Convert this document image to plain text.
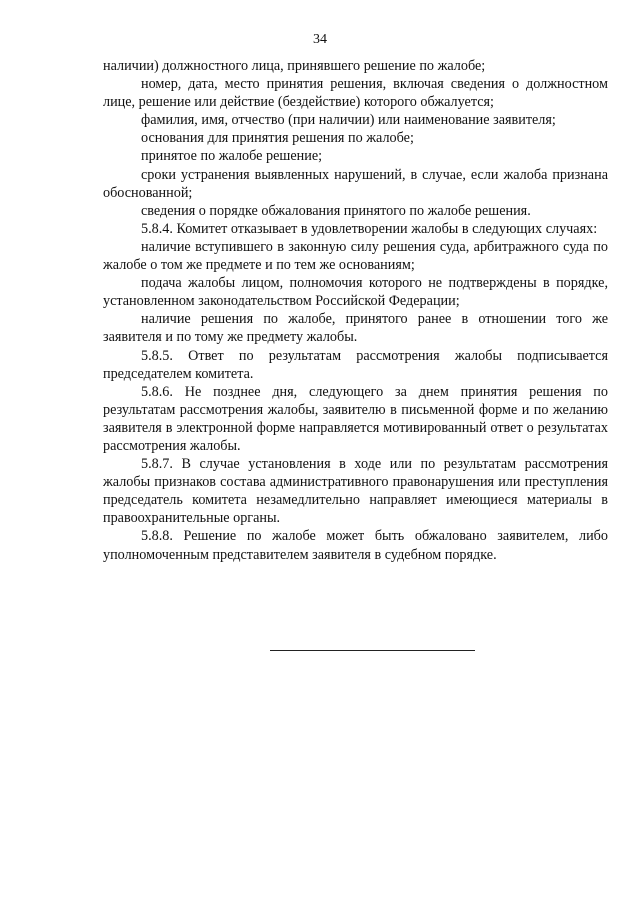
34

наличии) должностного лица, принявшего решение по жалобе;

номер, дата, место принятия решения, включая сведения о должностном лице, решение или действие (бездействие) которого обжалуется;

фамилия, имя, отчество (при наличии) или наименование заявителя;

основания для принятия решения по жалобе;

принятое по жалобе решение;

сроки устранения выявленных нарушений, в случае, если жалоба признана обоснованной;

сведения о порядке обжалования принятого по жалобе решения.

5.8.4. Комитет отказывает в удовлетворении жалобы в следующих случаях:

наличие вступившего в законную силу решения суда, арбитражного суда по жалобе о том же предмете и по тем же основаниям;

подача жалобы лицом, полномочия которого не подтверждены в порядке, установленном законодательством Российской Федерации;

наличие решения по жалобе, принятого ранее в отношении того же заявителя и по тому же предмету жалобы.

5.8.5. Ответ по результатам рассмотрения жалобы подписывается председателем комитета.

5.8.6. Не позднее дня, следующего за днем принятия решения по результатам рассмотрения жалобы, заявителю в письменной форме и по желанию заявителя в электронной форме направляется мотивированный ответ о результатах рассмотрения жалобы.

5.8.7. В случае установления в ходе или по результатам рассмотрения жалобы признаков состава административного правонарушения или преступления председатель комитета незамедлительно направляет имеющиеся материалы в правоохранительные органы.

5.8.8. Решение по жалобе может быть обжаловано заявителем, либо уполномоченным представителем заявителя в судебном порядке.
